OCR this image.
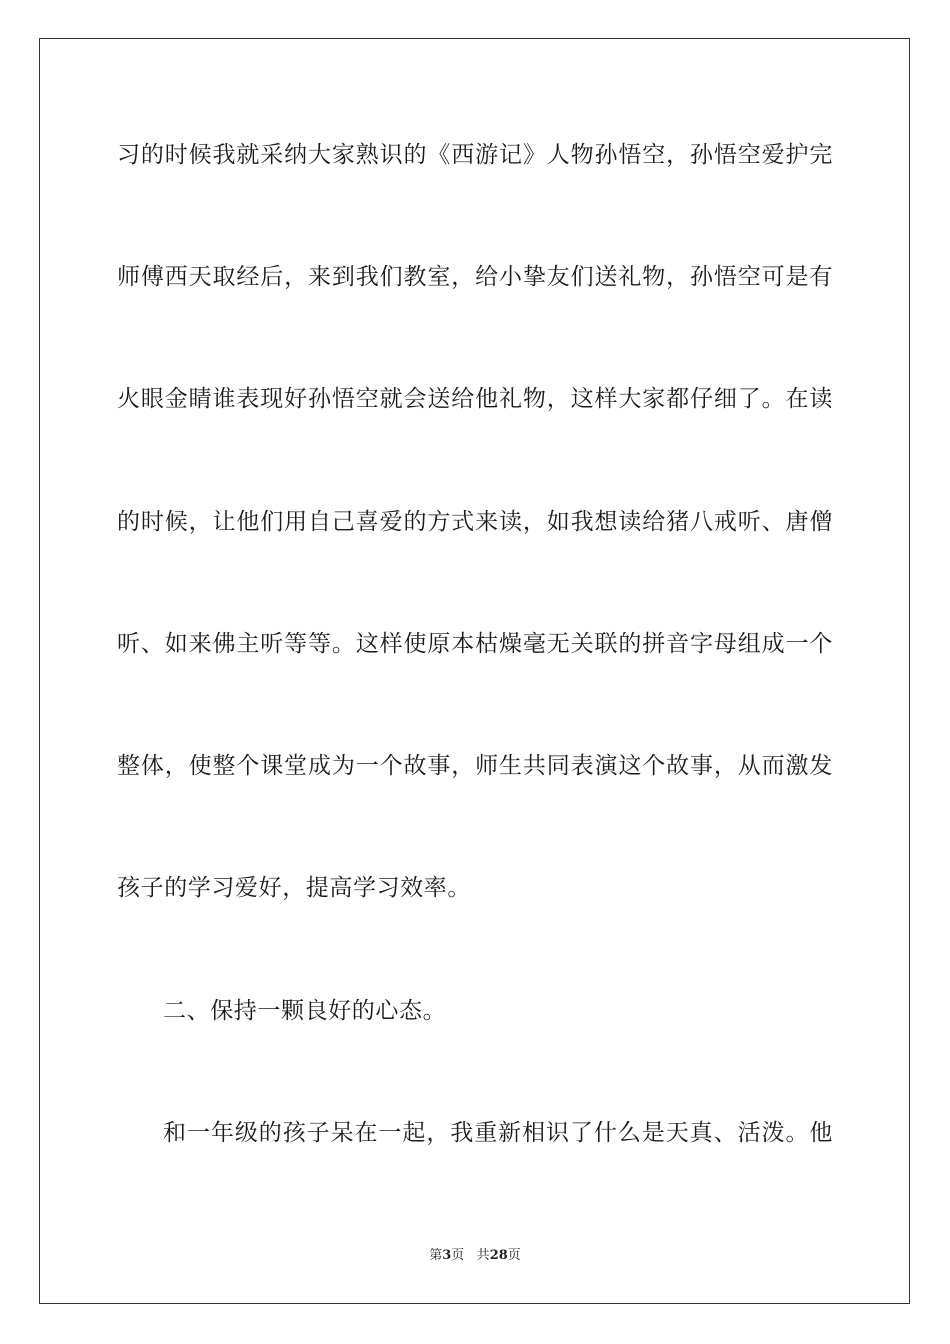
习的时候我就采纳大家熟识的《西游记》人物孙悟空，孙悟空爱护完
师傅西天取经后，来到我们教室，给小挚友们送礼物，孙悟空可是有
火眼金睛谁表现好孙悟空就会送给他礼物，这样大家都仔细了。在读
的时候，让他们用自己喜爱的方式来读，如我想读给猪八戒听、唐僧
听、如来佛主听等等。这样使原本枯燥毫无关联的拼音字母组成一个
整体，使整个课堂成为一个故事，师生共同表演这个故事，从而激发
孩子的学习爱好，提高学习效率。
二、保持一颗良好的心态。
和一年级的孩子呆在一起，我重新相识了什么是天真、活泼。他
第3页 共28页
